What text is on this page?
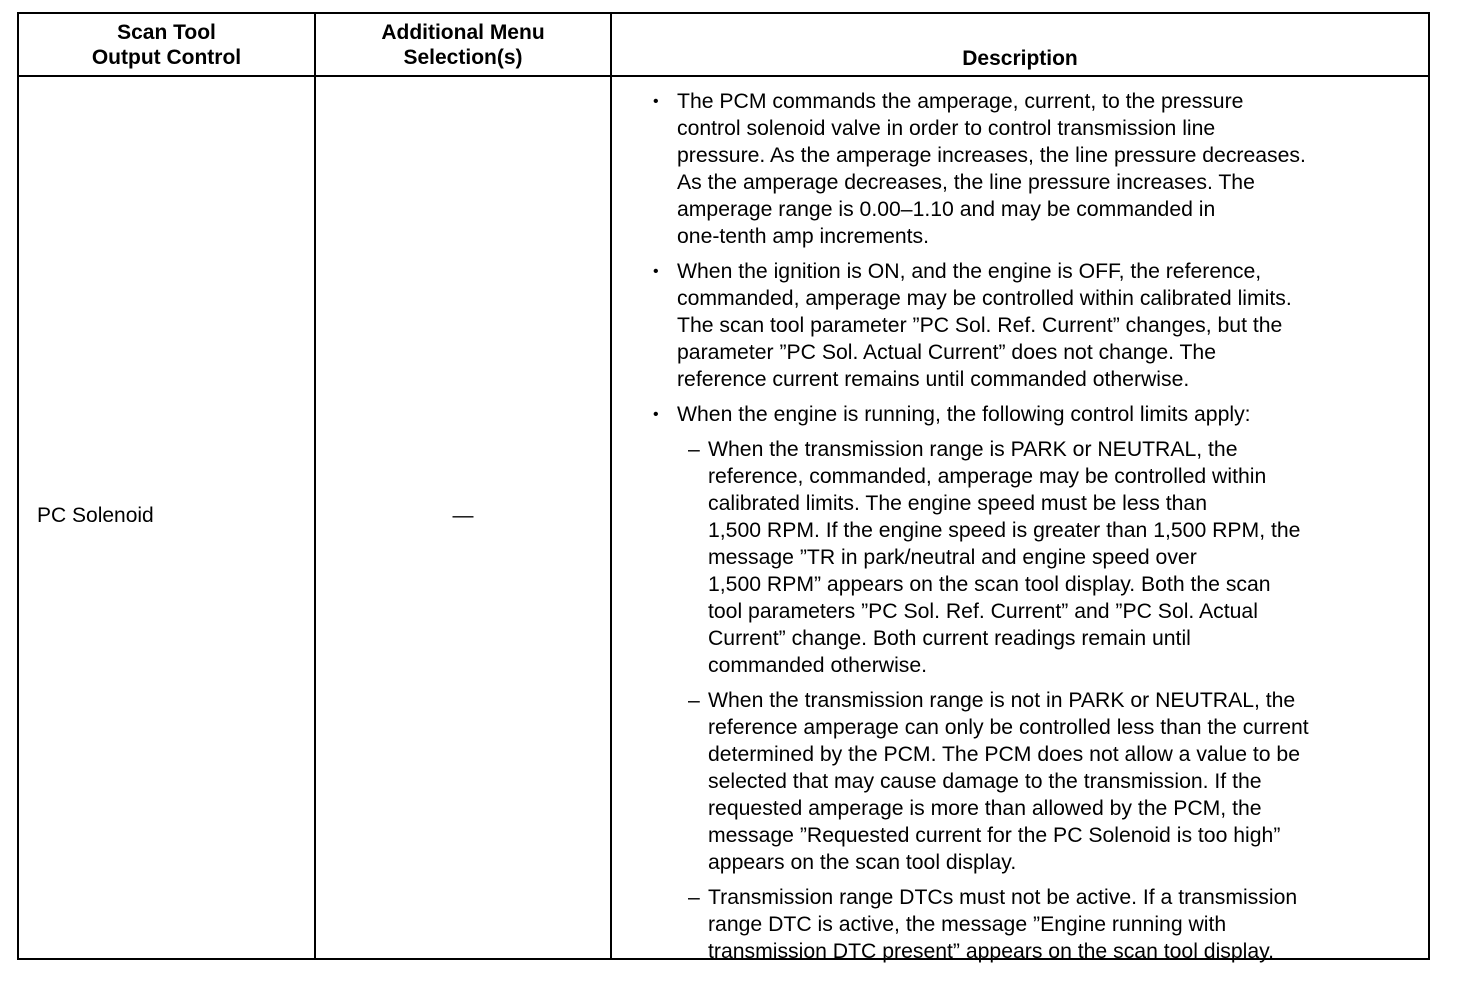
Scan Tool
Output Control
Additional Menu
Selection(s)	Description
PC Solenoid	—
• The PCM commands the amperage, current, to the pressure
control solenoid valve in order to control transmission line
pressure. As the amperage increases, the line pressure decreases.
As the amperage decreases, the line pressure increases. The
amperage range is 0.00–1.10 and may be commanded in
one-tenth amp increments.
• When the ignition is ON, and the engine is OFF, the reference,
commanded, amperage may be controlled within calibrated limits.
The scan tool parameter ”PC Sol. Ref. Current” changes, but the
parameter ”PC Sol. Actual Current” does not change. The
reference current remains until commanded otherwise.
• When the engine is running, the following control limits apply:
– When the transmission range is PARK or NEUTRAL, the
reference, commanded, amperage may be controlled within
calibrated limits. The engine speed must be less than
1,500 RPM. If the engine speed is greater than 1,500 RPM, the
message ”TR in park/neutral and engine speed over
1,500 RPM” appears on the scan tool display. Both the scan
tool parameters ”PC Sol. Ref. Current” and ”PC Sol. Actual
Current” change. Both current readings remain until
commanded otherwise.
– When the transmission range is not in PARK or NEUTRAL, the
reference amperage can only be controlled less than the current
determined by the PCM. The PCM does not allow a value to be
selected that may cause damage to the transmission. If the
requested amperage is more than allowed by the PCM, the
message ”Requested current for the PC Solenoid is too high”
appears on the scan tool display.
– Transmission range DTCs must not be active. If a transmission
range DTC is active, the message ”Engine running with
transmission DTC present” appears on the scan tool display.
